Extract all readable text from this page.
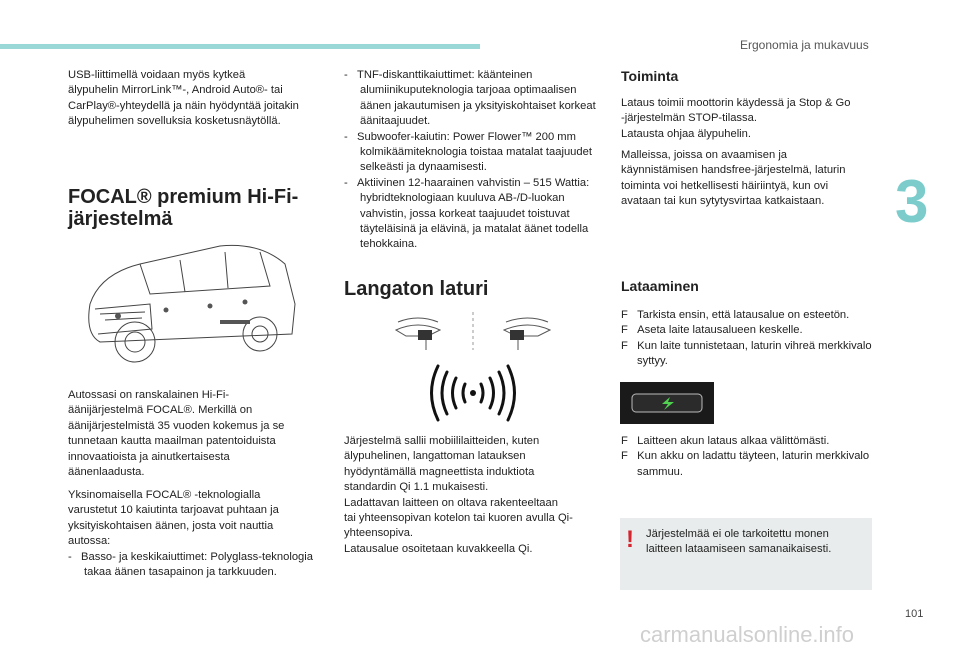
Ergonomia ja mukavuus
3
USB-liittimellä voidaan myös kytkeä
älypuhelin MirrorLink™-, Android Auto®- tai
CarPlay®-yhteydellä ja näin hyödyntää joitakin
älypuhelimen sovelluksia kosketusnäytöllä.
FOCAL® premium Hi-Fi-
järjestelmä
Autossasi on ranskalainen Hi-Fi-
äänijärjestelmä FOCAL®. Merkillä on
äänijärjestelmistä 35 vuoden kokemus ja se
tunnetaan kautta maailman patentoiduista
innovaatioista ja ainutkertaisesta
äänenlaadusta.
Yksinomaisella FOCAL® -teknologialla
varustetut 10 kaiutinta tarjoavat puhtaan ja
yksityiskohtaisen äänen, josta voit nauttia
autossa:
-   Basso- ja keskikaiuttimet: Polyglass-teknologia takaa äänen tasapainon ja tarkkuuden.
-   TNF-diskanttikaiuttimet: käänteinen alumiinikuputeknologia tarjoaa optimaalisen äänen jakautumisen ja yksityiskohtaiset korkeat äänitaajuudet.
-   Subwoofer-kaiutin: Power Flower™ 200 mm kolmikäämiteknologia toistaa matalat taajuudet selkeästi ja dynaamisesti.
-   Aktiivinen 12-haarainen vahvistin – 515 Wattia: hybridteknologiaan kuuluva AB-/D-luokan vahvistin, jossa korkeat taajuudet toistuvat täyteläisinä ja elävinä, ja matalat äänet todella tehokkaina.
Langaton laturi
Järjestelmä sallii mobiililaitteiden, kuten
älypuhelinen, langattoman latauksen
hyödyntämällä magneettista induktiota
standardin Qi 1.1 mukaisesti.
Ladattavan laitteen on oltava rakenteeltaan
tai yhteensopivan kotelon tai kuoren avulla Qi-
yhteensopiva.
Latausalue osoitetaan kuvakkeella Qi.
Toiminta
Lataus toimii moottorin käydessä ja Stop & Go
-järjestelmän STOP-tilassa.
Latausta ohjaa älypuhelin.
Malleissa, joissa on avaamisen ja
käynnistämisen handsfree-järjestelmä, laturin
toiminta voi hetkellisesti häiriintyä, kun ovi
avataan tai kun sytytysvirtaa katkaistaan.
Lataaminen
F Tarkista ensin, että latausalue on esteetön.
F Aseta laite latausalueen keskelle.
F Kun laite tunnistetaan, laturin vihreä merkkivalo syttyy.
F Laitteen akun lataus alkaa välittömästi.
F Kun akku on ladattu täyteen, laturin merkkivalo sammuu.
! Järjestelmää ei ole tarkoitettu monen
laitteen lataamiseen samanaikaisesti.
101
carmanualsonline.info
